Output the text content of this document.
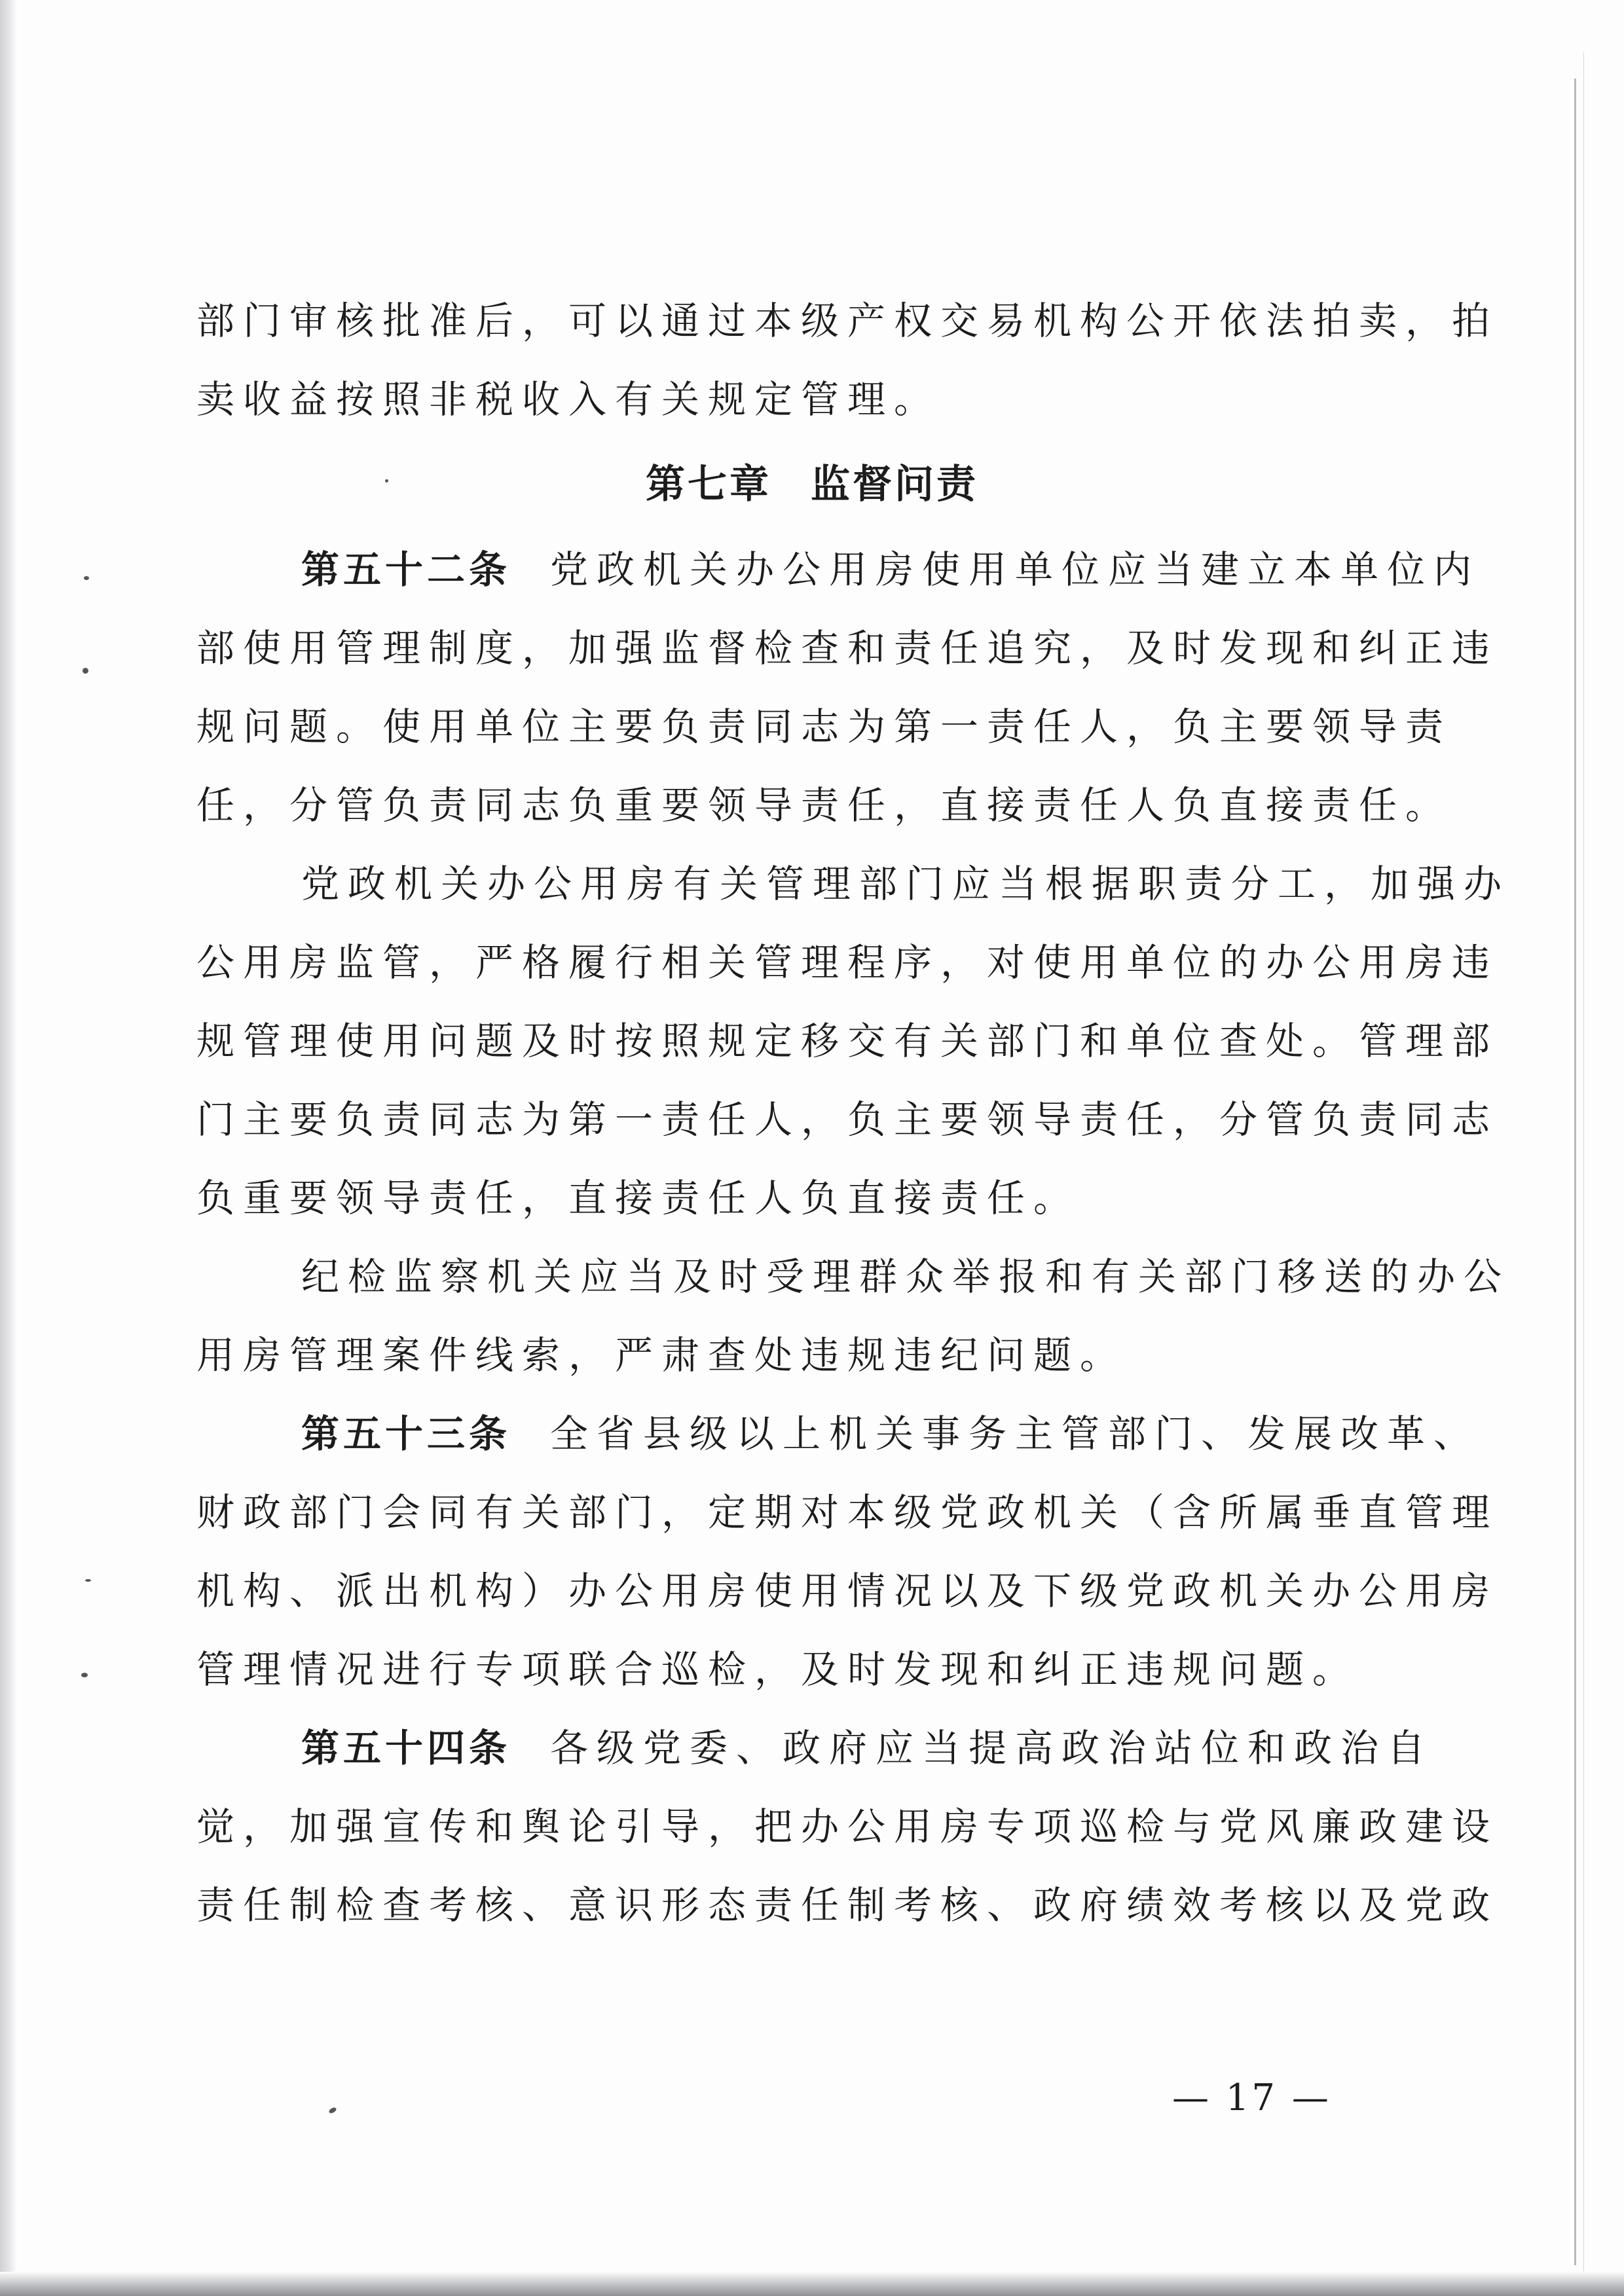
部门审核批准后，可以通过本级产权交易机构公开依法拍卖，拍
卖收益按照非税收入有关规定管理。
第七章 监督问责
第五十二条 党政机关办公用房使用单位应当建立本单位内
部使用管理制度，加强监督检查和责任追究，及时发现和纠正违
规问题。使用单位主要负责同志为第一责任人，负主要领导责
任，分管负责同志负重要领导责任，直接责任人负直接责任。
党政机关办公用房有关管理部门应当根据职责分工，加强办
公用房监管，严格履行相关管理程序，对使用单位的办公用房违
规管理使用问题及时按照规定移交有关部门和单位查处。管理部
门主要负责同志为第一责任人，负主要领导责任，分管负责同志
负重要领导责任，直接责任人负直接责任。
纪检监察机关应当及时受理群众举报和有关部门移送的办公
用房管理案件线索，严肃查处违规违纪问题。
第五十三条 全省县级以上机关事务主管部门、发展改革、
财政部门会同有关部门，定期对本级党政机关（含所属垂直管理
机构、派出机构）办公用房使用情况以及下级党政机关办公用房
管理情况进行专项联合巡检，及时发现和纠正违规问题。
第五十四条 各级党委、政府应当提高政治站位和政治自
觉，加强宣传和舆论引导，把办公用房专项巡检与党风廉政建设
责任制检查考核、意识形态责任制考核、政府绩效考核以及党政
— 17 —
